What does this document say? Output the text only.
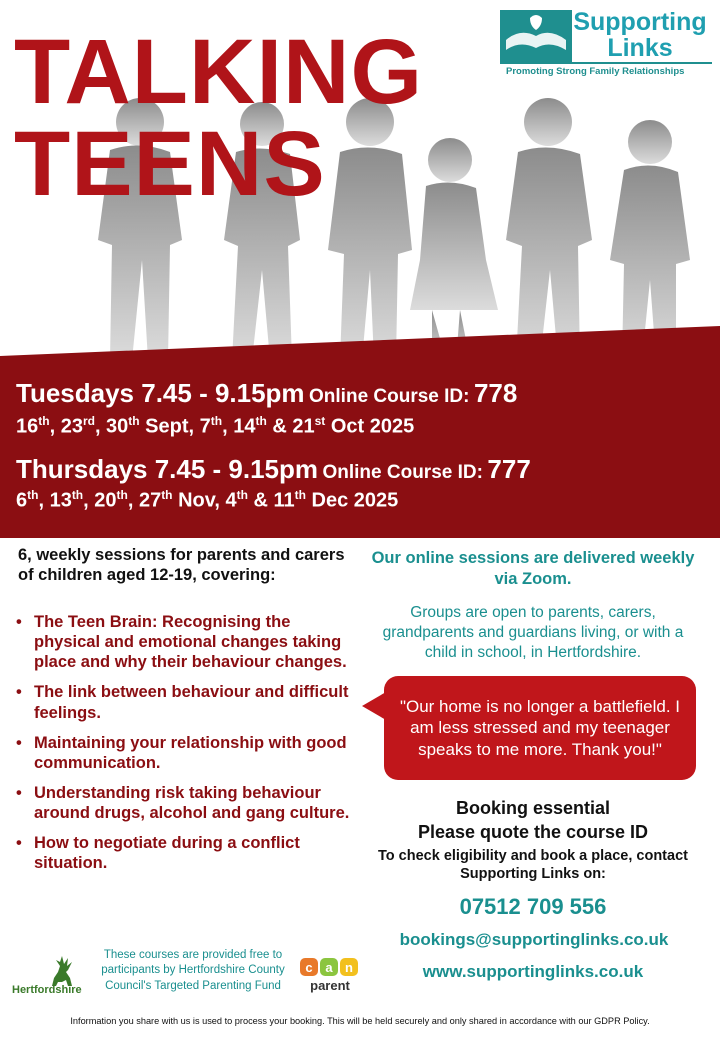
TALKING
TEENS
Supporting
Links
Promoting Strong Family Relationships
Tuesdays 7.45 - 9.15pm Online Course ID: 778
16th, 23rd, 30th Sept, 7th, 14th & 21st Oct 2025
Thursdays 7.45 - 9.15pm Online Course ID: 777
6th, 13th, 20th, 27th Nov, 4th & 11th Dec 2025
6, weekly sessions for parents and carers of children aged 12-19, covering:
• The Teen Brain: Recognising the physical and emotional changes taking place and why their behaviour changes.
• The link between behaviour and difficult feelings.
• Maintaining your relationship with good communication.
• Understanding risk taking behaviour around drugs, alcohol and gang culture.
• How to negotiate during a conflict situation.
Our online sessions are delivered weekly via Zoom.
Groups are open to parents, carers, grandparents and guardians living, or with a child in school, in Hertfordshire.
"Our home is no longer a battlefield. I am less stressed and my teenager speaks to me more. Thank you!"
Booking essential
Please quote the course ID
To check eligibility and book a place, contact Supporting Links on:
07512 709 556
bookings@supportinglinks.co.uk
www.supportinglinks.co.uk
Hertfordshire
These courses are provided free to participants by Hertfordshire County Council's Targeted Parenting Fund
c a n
parent
Information you share with us is used to process your booking. This will be held securely and only shared in accordance with our GDPR Policy.
